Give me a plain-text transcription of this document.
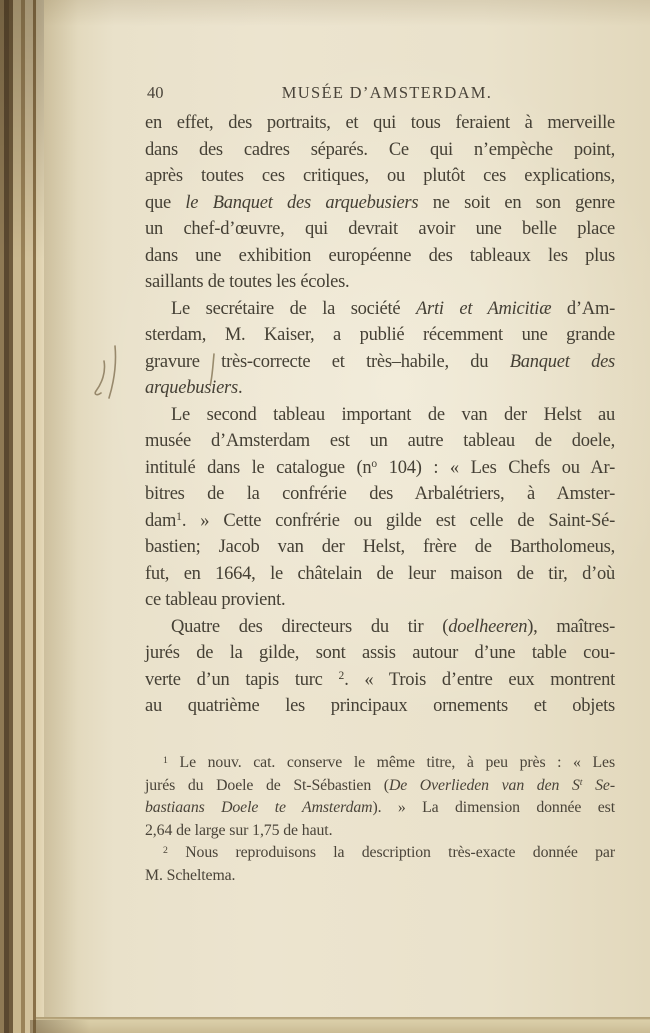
40	MUSÉE D’AMSTERDAM.
en effet, des portraits, et qui tous feraient à merveille
dans des cadres séparés. Ce qui n’empèche point,
après toutes ces critiques, ou plutôt ces explications,
que le Banquet des arquebusiers ne soit en son genre
un chef-d’œuvre, qui devrait avoir une belle place
dans une exhibition européenne des tableaux les plus
saillants de toutes les écoles.
Le secrétaire de la société Arti et Amicitiæ d’Am-
sterdam, M. Kaiser, a publié récemment une grande
gravure très-correcte et très–habile, du Banquet des
arquebusiers.
Le second tableau important de van der Helst au
musée d’Amsterdam est un autre tableau de doele,
intitulé dans le catalogue ($n^o$ 104) : « Les Chefs ou Ar-
bitres de la confrérie des Arbalétriers, à Amster-
dam$^1$. » Cette confrérie ou gilde est celle de Saint-Sé-
bastien; Jacob van der Helst, frère de Bartholomeus,
fut, en 1664, le châtelain de leur maison de tir, d’où
ce tableau provient.
Quatre des directeurs du tir (doelheeren), maîtres-
jurés de la gilde, sont assis autour d’une table cou-
verte d’un tapis turc $^2$. « Trois d’entre eux montrent
au quatrième les principaux ornements et objets
$^1$ Le nouv. cat. conserve le même titre, à peu près : « Les
jurés du Doele de St-Sébastien (De Overlieden van den $S^t$ Se-
bastiaans Doele te Amsterdam). » La dimension donnée est
2,64 de large sur 1,75 de haut.
$^2$ Nous reproduisons la description très-exacte donnée par
M. Scheltema.
